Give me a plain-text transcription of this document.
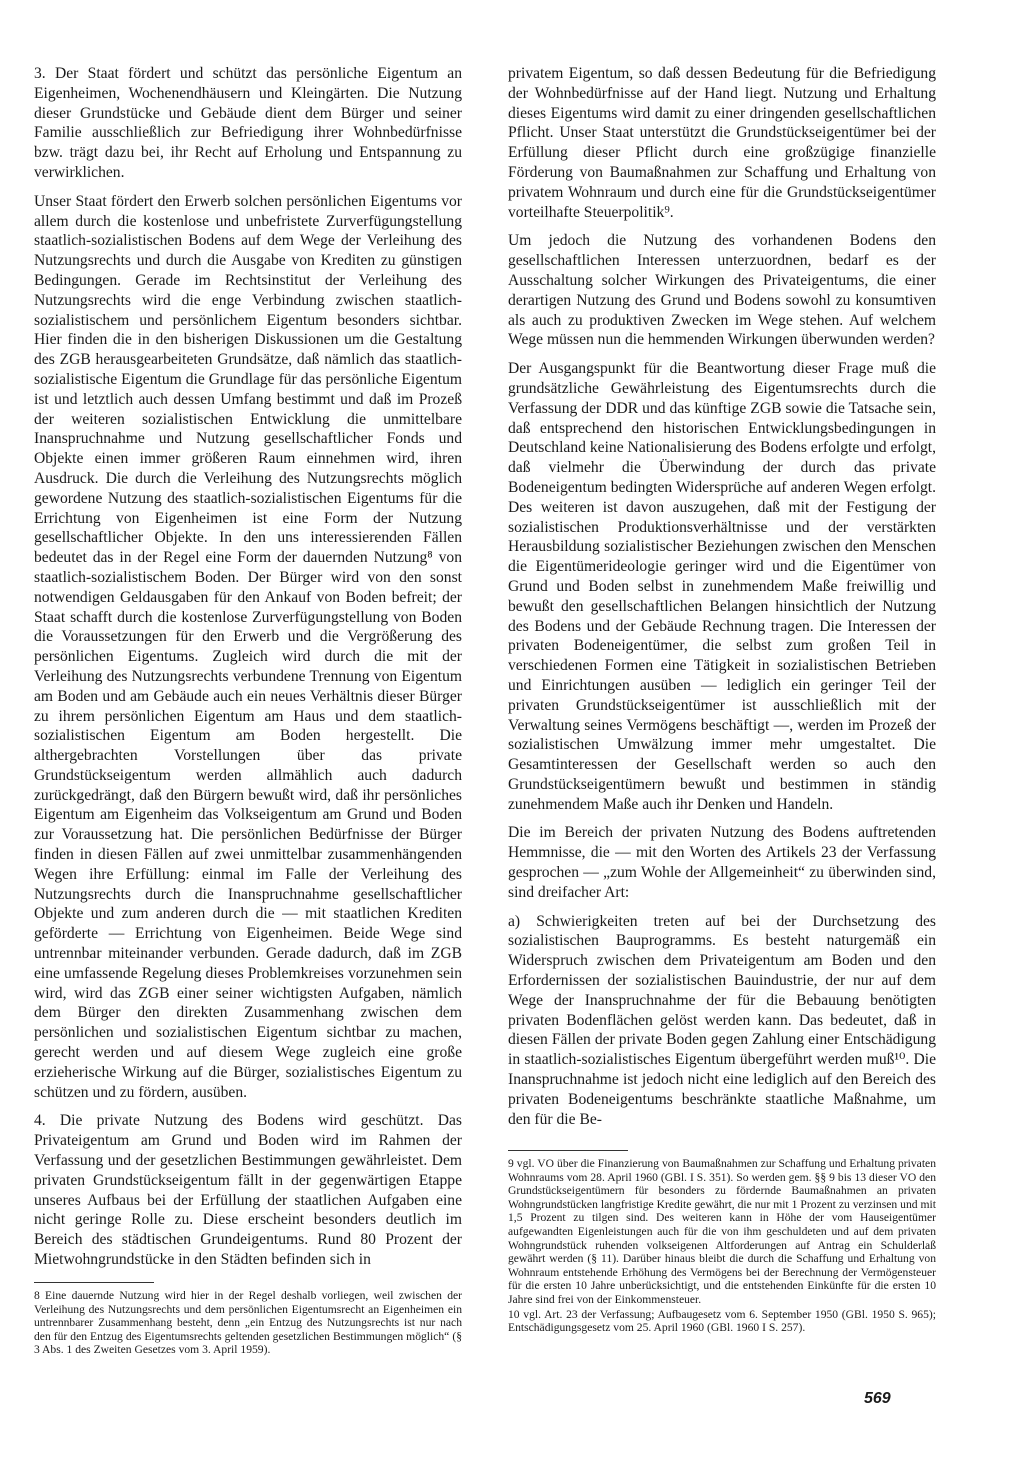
3. Der Staat fördert und schützt das persönliche Eigentum an Eigenheimen, Wochenendhäusern und Kleingärten. Die Nutzung dieser Grundstücke und Gebäude dient dem Bürger und seiner Familie ausschließlich zur Befriedigung ihrer Wohnbedürfnisse bzw. trägt dazu bei, ihr Recht auf Erholung und Entspannung zu verwirklichen.

Unser Staat fördert den Erwerb solchen persönlichen Eigentums vor allem durch die kostenlose und unbefristete Zurverfügungstellung staatlich-sozialistischen Bodens auf dem Wege der Verleihung des Nutzungsrechts und durch die Ausgabe von Krediten zu günstigen Bedingungen. Gerade im Rechtsinstitut der Verleihung des Nutzungsrechts wird die enge Verbindung zwischen staatlich-sozialistischem und persönlichem Eigentum besonders sichtbar. Hier finden die in den bisherigen Diskussionen um die Gestaltung des ZGB herausgearbeiteten Grundsätze, daß nämlich das staatlich-sozialistische Eigentum die Grundlage für das persönliche Eigentum ist und letztlich auch dessen Umfang bestimmt und daß im Prozeß der weiteren sozialistischen Entwicklung die unmittelbare Inanspruchnahme und Nutzung gesellschaftlicher Fonds und Objekte einen immer größeren Raum einnehmen wird, ihren Ausdruck. Die durch die Verleihung des Nutzungsrechts möglich gewordene Nutzung des staatlich-sozialistischen Eigentums für die Errichtung von Eigenheimen ist eine Form der Nutzung gesellschaftlicher Objekte. In den uns interessierenden Fällen bedeutet das in der Regel eine Form der dauernden Nutzung⁸ von staatlich-sozialistischem Boden. Der Bürger wird von den sonst notwendigen Geldausgaben für den Ankauf von Boden befreit; der Staat schafft durch die kostenlose Zurverfügungstellung von Boden die Voraussetzungen für den Erwerb und die Vergrößerung des persönlichen Eigentums. Zugleich wird durch die mit der Verleihung des Nutzungsrechts verbundene Trennung von Eigentum am Boden und am Gebäude auch ein neues Verhältnis dieser Bürger zu ihrem persönlichen Eigentum am Haus und dem staatlich-sozialistischen Eigentum am Boden hergestellt. Die althergebrachten Vorstellungen über das private Grundstückseigentum werden allmählich auch dadurch zurückgedrängt, daß den Bürgern bewußt wird, daß ihr persönliches Eigentum am Eigenheim das Volkseigentum am Grund und Boden zur Voraussetzung hat. Die persönlichen Bedürfnisse der Bürger finden in diesen Fällen auf zwei unmittelbar zusammenhängenden Wegen ihre Erfüllung: einmal im Falle der Verleihung des Nutzungsrechts durch die Inanspruchnahme gesellschaftlicher Objekte und zum anderen durch die — mit staatlichen Krediten geförderte — Errichtung von Eigenheimen. Beide Wege sind untrennbar miteinander verbunden. Gerade dadurch, daß im ZGB eine umfassende Regelung dieses Problemkreises vorzunehmen sein wird, wird das ZGB einer seiner wichtigsten Aufgaben, nämlich dem Bürger den direkten Zusammenhang zwischen dem persönlichen und sozialistischen Eigentum sichtbar zu machen, gerecht werden und auf diesem Wege zugleich eine große erzieherische Wirkung auf die Bürger, sozialistisches Eigentum zu schützen und zu fördern, ausüben.

4. Die private Nutzung des Bodens wird geschützt. Das Privateigentum am Grund und Boden wird im Rahmen der Verfassung und der gesetzlichen Bestimmungen gewährleistet. Dem privaten Grundstückseigentum fällt in der gegenwärtigen Etappe unseres Aufbaus bei der Erfüllung der staatlichen Aufgaben eine nicht geringe Rolle zu. Diese erscheint besonders deutlich im Bereich des städtischen Grundeigentums. Rund 80 Prozent der Mietwohngrundstücke in den Städten befinden sich in

8 Eine dauernde Nutzung wird hier in der Regel deshalb vorliegen, weil zwischen der Verleihung des Nutzungsrechts und dem persönlichen Eigentumsrecht an Eigenheimen ein untrennbarer Zusammenhang besteht, denn „ein Entzug des Nutzungsrechts ist nur nach den für den Entzug des Eigentumsrechts geltenden gesetzlichen Bestimmungen möglich“ (§ 3 Abs. 1 des Zweiten Gesetzes vom 3. April 1959).

privatem Eigentum, so daß dessen Bedeutung für die Befriedigung der Wohnbedürfnisse auf der Hand liegt. Nutzung und Erhaltung dieses Eigentums wird damit zu einer dringenden gesellschaftlichen Pflicht. Unser Staat unterstützt die Grundstückseigentümer bei der Erfüllung dieser Pflicht durch eine großzügige finanzielle Förderung von Baumaßnahmen zur Schaffung und Erhaltung von privatem Wohnraum und durch eine für die Grundstückseigentümer vorteilhafte Steuerpolitik⁹.

Um jedoch die Nutzung des vorhandenen Bodens den gesellschaftlichen Interessen unterzuordnen, bedarf es der Ausschaltung solcher Wirkungen des Privateigentums, die einer derartigen Nutzung des Grund und Bodens sowohl zu konsumtiven als auch zu produktiven Zwecken im Wege stehen. Auf welchem Wege müssen nun die hemmenden Wirkungen überwunden werden?

Der Ausgangspunkt für die Beantwortung dieser Frage muß die grundsätzliche Gewährleistung des Eigentumsrechts durch die Verfassung der DDR und das künftige ZGB sowie die Tatsache sein, daß entsprechend den historischen Entwicklungsbedingungen in Deutschland keine Nationalisierung des Bodens erfolgte und erfolgt, daß vielmehr die Überwindung der durch das private Bodeneigentum bedingten Widersprüche auf anderen Wegen erfolgt. Des weiteren ist davon auszugehen, daß mit der Festigung der sozialistischen Produktionsverhältnisse und der verstärkten Herausbildung sozialistischer Beziehungen zwischen den Menschen die Eigentümerideologie geringer wird und die Eigentümer von Grund und Boden selbst in zunehmendem Maße freiwillig und bewußt den gesellschaftlichen Belangen hinsichtlich der Nutzung des Bodens und der Gebäude Rechnung tragen. Die Interessen der privaten Bodeneigentümer, die selbst zum großen Teil in verschiedenen Formen eine Tätigkeit in sozialistischen Betrieben und Einrichtungen ausüben — lediglich ein geringer Teil der privaten Grundstückseigentümer ist ausschließlich mit der Verwaltung seines Vermögens beschäftigt —, werden im Prozeß der sozialistischen Umwälzung immer mehr umgestaltet. Die Gesamtinteressen der Gesellschaft werden so auch den Grundstückseigentümern bewußt und bestimmen in ständig zunehmendem Maße auch ihr Denken und Handeln.

Die im Bereich der privaten Nutzung des Bodens auftretenden Hemmnisse, die — mit den Worten des Artikels 23 der Verfassung gesprochen — „zum Wohle der Allgemeinheit“ zu überwinden sind, sind dreifacher Art:

a) Schwierigkeiten treten auf bei der Durchsetzung des sozialistischen Bauprogramms. Es besteht naturgemäß ein Widerspruch zwischen dem Privateigentum am Boden und den Erfordernissen der sozialistischen Bauindustrie, der nur auf dem Wege der Inanspruchnahme der für die Bebauung benötigten privaten Bodenflächen gelöst werden kann. Das bedeutet, daß in diesen Fällen der private Boden gegen Zahlung einer Entschädigung in staatlich-sozialistisches Eigentum übergeführt werden muß¹⁰. Die Inanspruchnahme ist jedoch nicht eine lediglich auf den Bereich des privaten Bodeneigentums beschränkte staatliche Maßnahme, um den für die Be-

9 vgl. VO über die Finanzierung von Baumaßnahmen zur Schaffung und Erhaltung privaten Wohnraums vom 28. April 1960 (GBl. I S. 351). So werden gem. §§ 9 bis 13 dieser VO den Grundstückseigentümern für besonders zu fördernde Baumaßnahmen an privaten Wohngrundstücken langfristige Kredite gewährt, die nur mit 1 Prozent zu verzinsen und mit 1,5 Prozent zu tilgen sind. Des weiteren kann in Höhe der vom Hauseigentümer aufgewandten Eigenleistungen auch für die von ihm geschuldeten und auf dem privaten Wohngrundstück ruhenden volkseigenen Altforderungen auf Antrag ein Schulderlaß gewährt werden (§ 11). Darüber hinaus bleibt die durch die Schaffung und Erhaltung von Wohnraum entstehende Erhöhung des Vermögens bei der Berechnung der Vermögensteuer für die ersten 10 Jahre unberücksichtigt, und die entstehenden Einkünfte für die ersten 10 Jahre sind frei von der Einkommensteuer.

10 vgl. Art. 23 der Verfassung; Aufbaugesetz vom 6. September 1950 (GBl. 1950 S. 965); Entschädigungsgesetz vom 25. April 1960 (GBl. 1960 I S. 257).

569
